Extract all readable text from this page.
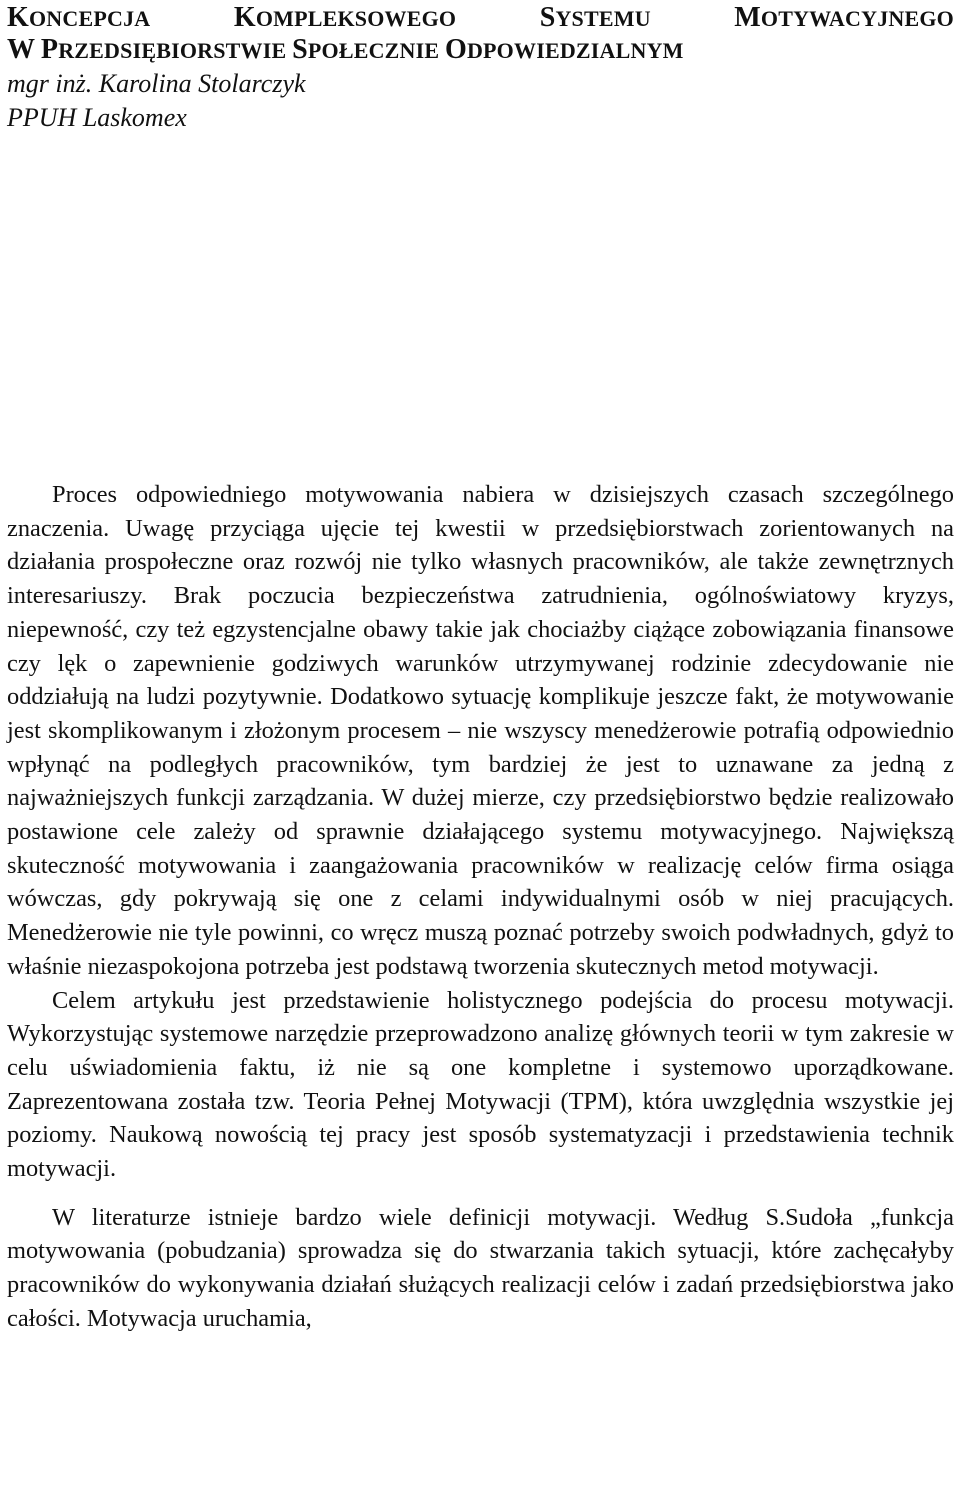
KONCEPCJA	KOMPLEKSOWEGO	SYSTEMU	MOTYWACYJNEGO
W PRZEDSIĘBIORSTWIE SPOŁECZNIE ODPOWIEDZIALNYM

mgr inż. Karolina Stolarczyk

PPUH Laskomex

Proces odpowiedniego motywowania nabiera w dzisiejszych czasach szczególnego znaczenia. Uwagę przyciąga ujęcie tej kwestii w przedsiębiorstwach zorientowanych na działania prospołeczne oraz rozwój nie tylko własnych pracowników, ale także zewnętrznych interesariuszy. Brak poczucia bezpieczeństwa zatrudnienia, ogólnoświatowy kryzys, niepewność, czy też egzystencjalne obawy takie jak chociażby ciążące zobowiązania finansowe czy lęk o zapewnienie godziwych warunków utrzymywanej rodzinie zdecydowanie nie oddziałują na ludzi pozytywnie. Dodatkowo sytuację komplikuje jeszcze fakt, że motywowanie jest skomplikowanym i złożonym procesem – nie wszyscy menedżerowie potrafią odpowiednio wpłynąć na podległych pracowników, tym bardziej że jest to uznawane za jedną z najważniejszych funkcji zarządzania. W dużej mierze, czy przedsiębiorstwo będzie realizowało postawione cele zależy od sprawnie działającego systemu motywacyjnego. Największą skuteczność motywowania i zaangażowania pracowników w realizację celów firma osiąga wówczas, gdy pokrywają się one z celami indywidualnymi osób w niej pracujących. Menedżerowie nie tyle powinni, co wręcz muszą poznać potrzeby swoich podwładnych, gdyż to właśnie niezaspokojona potrzeba jest podstawą tworzenia skutecznych metod motywacji.

Celem artykułu jest przedstawienie holistycznego podejścia do procesu motywacji. Wykorzystując systemowe narzędzie przeprowadzono analizę głównych teorii w tym zakresie w celu uświadomienia faktu, iż nie są one kompletne i systemowo uporządkowane. Zaprezentowana została tzw. Teoria Pełnej Motywacji (TPM), która uwzględnia wszystkie jej poziomy. Naukową nowością tej pracy jest sposób systematyzacji i przedstawienia technik motywacji.

W literaturze istnieje bardzo wiele definicji motywacji. Według S.Sudoła „funkcja motywowania (pobudzania) sprowadza się do stwarzania takich sytuacji, które zachęcałyby pracowników do wykonywania działań służących realizacji celów i zadań przedsiębiorstwa jako całości. Motywacja uruchamia,
